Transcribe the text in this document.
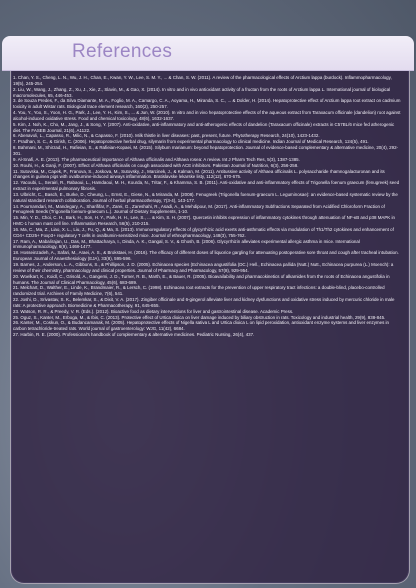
References
1. Chan, Y. S., Cheng, L. N., Wu, J. H., Chan, E., Kwan, Y. W., Lee, S. M. Y., ... & Chan, S. W. (2011). A review of the pharmacological effects of Arctium lappa (burdock). Inflammopharmacology, 19(5), 245-254.
2. Liu, W., Wang, J., Zhang, Z., Xu, J., Xie, Z., Slavin, M., & Gao, X. (2014). In vitro and in vivo antioxidant activity of a fructan from the roots of Arctium lappa L. International journal of biological macromolecules, 65, 446-453.
3. de Souza Predes, F., da Silva Diamante, M. A., Foglio, M. A., Camargo, C. A., Aoyama, H., Miranda, S. C., ... & Dolder, H. (2014). Hepatoprotective effect of Arctium lappa root extract on cadmium toxicity in adult Wistar rats. Biological trace element research, 160(2), 250-257.
4. You, Y., Yoo, S., Yoon, H. G., Park, J., Lee, Y. H., Kim, S., ... & Jun, W. (2010). In vitro and in vivo hepatoprotective effects of the aqueous extract from Taraxacum officinale (dandelion) root against alcohol-induced oxidative stress. Food and chemical toxicology, 48(6), 1632-1637.
5. Kim, J. Noh, K., Cho, M., Jang, J., & Song, Y. (2007). Anti-oxidative, anti-inflammatory and anti-atherogenic effects of dandelion (Taraxacum officinale) extracts in C57BL/6 mice fed atherogenic diet. The FASEB Journal, 21(6), A1122.
6. Abenavoli, L., Capasso, R., Milic, N., & Capasso, F. (2010). Milk thistle in liver diseases: past, present, future. Phytotherapy Research, 24(10), 1423-1432.
7. Pradhan, S. C., & Girish, C. (2006). Hepatoprotective herbal drug, silymarin from experimental pharmacology to clinical medicine. Indian Journal of Medical Research, 124(5), 491.
8. Bahmani, M., Shirzad, H., Rafieian, S., & Rafieian-Kopaei, M. (2015). Silybum marianum: beyond hepatoprotection. Journal of evidence-based complementary & alternative medicine, 20(4), 292-301.
9. Al-Snafi, A. E. (2013). The pharmaceutical importance of Althaea officinalis and Althaea rosea: A review. Int J Pharm Tech Res, 5(3), 1387-1385.
10. Rouhi, H., & Ganji, F. (2007). Effect of Althaea officinalis on cough associated with ACE inhibitors. Pakistan Journal of Nutrition, 6(3), 256-258.
11. Sutovska, M., Capek, P., Franova, S., Joskova, M., Sutovsky, J., Marcinek, J., & Kalman, M. (2011). Antitussive activity of Althaea officinalis L. polysaccharide rhamnogalacturonan and its changes in guinea pigs with ovalbumine-induced airways inflammation. Bratislavske lekarske listy, 112(12), 670-675.
12. Yacoubi, L., Serairi, R., Rabaoui, L., Hamdaoui, M. H., Kourda, N., Tritar, F., & Khamma, S. B. (2011). Anti-oxidative and anti-inflammatory effects of Trigonella foenum graecum (fenugreek) seed extract in experimental pulmonary fibrosis.
13. Ulbricht, C., Basch, E., Burke, D., Cheung, L., Ernst, E., Giese, N., & Miranda, M. (2008). Fenugreek (Trigonella foenum-graecum L. Leguminosae): an evidence-based systematic review by the natural standard research collaboration. Journal of herbal pharmacotherapy, 7(3-4), 143-177.
14. Pournamdari, M., Mandegary, A., Sharififar, F., Zarei, G., Zareshahi, R., Asadi, A., & Mehdipour, M. (2017). Anti-inflammatory Subfractions Separated from Acidified Chloroform Fraction of Fenugreek Seeds (Trigonella foenum-graecum L.). Journal of Dietary Supplements, 1-10.
15. Min, Y. D., Choi, C. H., Bark, H., Son, H. Y., Park, H. H., Lee, S., ... & Kim, S. H. (2007). Quercetin inhibits expression of inflammatory cytokines through attenuation of NF-κB and p38 MAPK in HMC-1 human mast cell line. Inflammation Research, 56(5), 210-215.
16. Ma, C., Ma, Z., Liao, X. L., Liu, J., Fu, Q., & Ma, S. (2013). Immunoregulatory effects of glycyrrhizic acid exerts anti-asthmatic effects via modulation of Th1/Th2 cytokines and enhancement of CD4+ CD25+ Foxp3+ regulatory T cells in ovalbumin-sensitized mice. Journal of ethnopharmacology, 148(3), 755-762.
17. Ram, A., Mabalirajan, U., Das, M., Bhattacharya, I., Dinda, A. K., Gangal, S. V., & Ghosh, B. (2006). Glycyrrhizin alleviates experimental allergic asthma in mice. International immunopharmacology, 6(9), 1468-1477.
18. Hosseinzadeh, A., Safari, M., Araei, A. S., & Brokstaei, H. (2016). The efficacy of different doses of liquorice gargling for attenuating postoperative sore throat and cough after tracheal intubation. European Journal of Anaesthesiology (EJA), 33(8), 595-596.
19. Barnes, J., Anderson, L. A., Gibbons, S., & Phillipson, J. D. (2005). Echinacea species (Echinacea angustifolia (DC.) Hell., Echinacea pallida (Nutt.) Nutt., Echinacea purpurea (L.) Moench): a review of their chemistry, pharmacology and clinical properties. Journal of Pharmacy and Pharmacology, 57(8), 929-954.
20. Woelkart, K., Koidl, C., Grisold, A., Gangemi, J. D., Turner, R. B., Marth, E., & Bauer, R. (2005). Bioavailability and pharmacokinetics of alkamides from the roots of Echinacea angustifolia in humans. The Journal of Clinical Pharmacology, 45(6), 683-689.
21. Melchart, D., Walther, E., Linde, K., Brandmaier, R., & Lersch, C. (1998). Echinacea root extracts for the prevention of upper respiratory tract infections: a double-blind, placebo-controlled randomized trial. Archives of Family Medicine, 7(6), 541.
22. Joshi, D., Srivastav, S. K., Belemkar, S., & Dixit, V. A. (2017). Zingiber officinale and 6-gingerol alleviate liver and kidney dysfunctions and oxidative stress induced by mercuric chloride in male rats: A protective approach. Biomedicine & Pharmacotherapy, 91, 645-655.
23. Watson, R. R., & Preedy, V. R. (Eds.). (2012). Bioactive food as dietary interventions for liver and gastrointestinal disease. Academic Press.
25. Oguz, S., Kanter, M., Erboga, M., & Ibis, C. (2013). Protective effect of Urtica dioica on liver damage induced by biliary obstruction in rats. Toxicology and industrial health, 29(9), 838-845.
26. Kanter, M., Coskun, O., & Budancamanak, M. (2005). Hepatoprotective effects of Nigella sativa L and Urtica dioica L on lipid peroxidation, antioxidant enzyme systems and liver enzymes in carbon tetrachloride-treated rats. World journal of gastroenterology: WJG, 11(42), 6684.
27. Harbin, R. E. (2000). Professional's handbook of complementary & alternative medicines. Pediatric Nursing, 26(4), 437.
